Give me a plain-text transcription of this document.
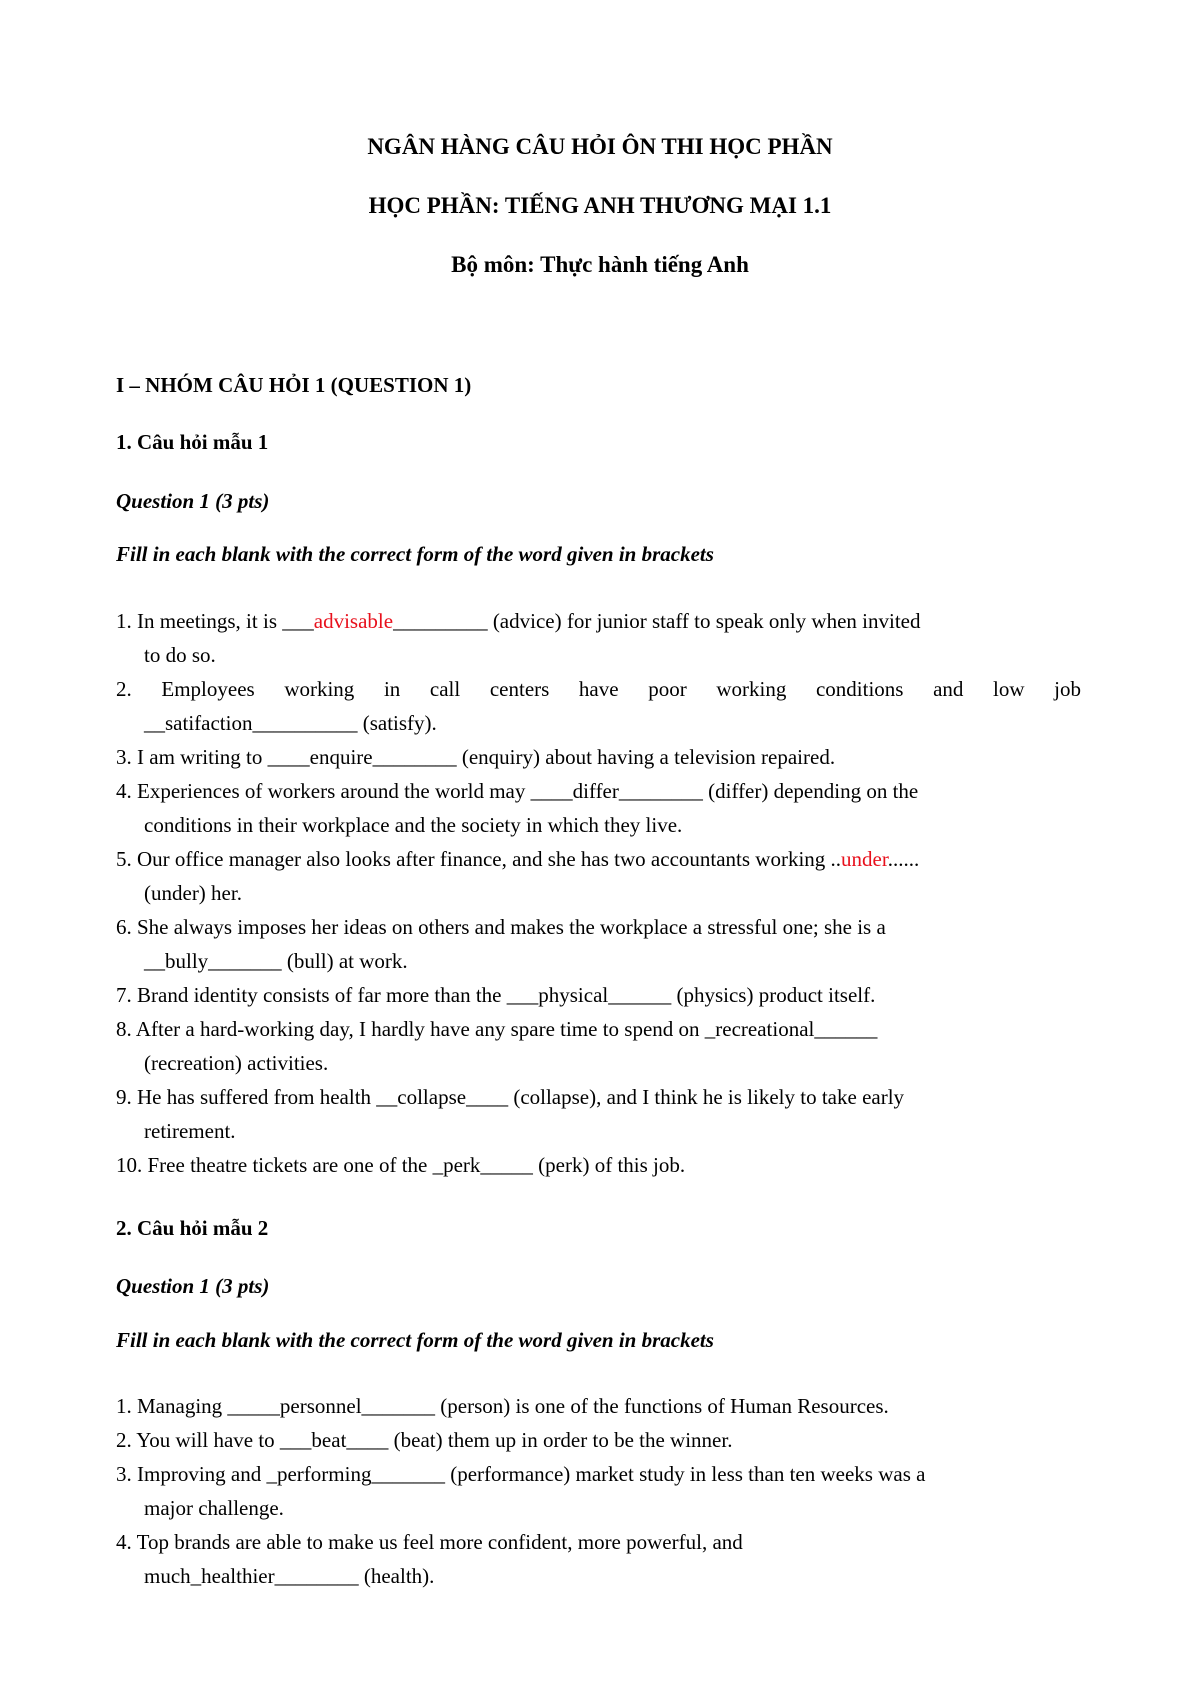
NGÂN HÀNG CÂU HỎI ÔN THI HỌC PHẦN
HỌC PHẦN: TIẾNG ANH THƯƠNG MẠI 1.1
Bộ môn: Thực hành tiếng Anh
I – NHÓM CÂU HỎI 1 (QUESTION 1)
1. Câu hỏi mẫu 1
Question 1 (3 pts)
Fill in each blank with the correct form of the word given in brackets
1. In meetings, it is ___advisable_________ (advice) for junior staff to speak only when invited
to do so.
2. Employees working in call centers have poor working conditions and low job
__satifaction__________ (satisfy).
3. I am writing to ____enquire________ (enquiry) about having a television repaired.
4. Experiences of workers around the world may ____differ________ (differ) depending on the
conditions in their workplace and the society in which they live.
5. Our office manager also looks after finance, and she has two accountants working ..under......
(under) her.
6. She always imposes her ideas on others and makes the workplace a stressful one; she is a
__bully_______ (bull) at work.
7. Brand identity consists of far more than the ___physical______ (physics) product itself.
8. After a hard-working day, I hardly have any spare time to spend on _recreational______
(recreation) activities.
9. He has suffered from health __collapse____ (collapse), and I think he is likely to take early
retirement.
10. Free theatre tickets are one of the _perk_____ (perk) of this job.
2. Câu hỏi mẫu 2
Question 1 (3 pts)
Fill in each blank with the correct form of the word given in brackets
1. Managing _____personnel_______ (person) is one of the functions of Human Resources.
2. You will have to ___beat____ (beat) them up in order to be the winner.
3. Improving and _performing_______ (performance) market study in less than ten weeks was a
major challenge.
4. Top brands are able to make us feel more confident, more powerful, and
much_healthier________ (health).
